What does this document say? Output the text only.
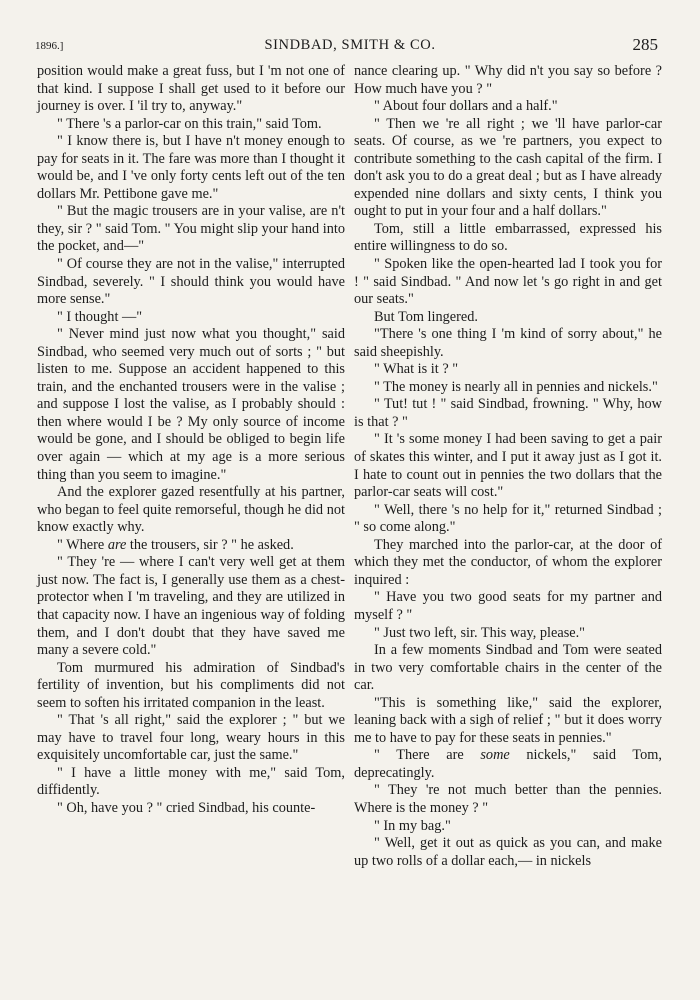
1896.]	SINDBAD, SMITH & CO.	285

position would make a great fuss, but I 'm not one of that kind. I suppose I shall get used to it before our journey is over. I 'il try to, anyway."

" There 's a parlor-car on this train," said Tom.

" I know there is, but I have n't money enough to pay for seats in it. The fare was more than I thought it would be, and I 've only forty cents left out of the ten dollars Mr. Pettibone gave me."

" But the magic trousers are in your valise, are n't they, sir ? " said Tom. " You might slip your hand into the pocket, and—"

" Of course they are not in the valise," interrupted Sindbad, severely. " I should think you would have more sense."

" I thought —"

" Never mind just now what you thought," said Sindbad, who seemed very much out of sorts ; " but listen to me. Suppose an accident happened to this train, and the enchanted trousers were in the valise ; and suppose I lost the valise, as I probably should : then where would I be ? My only source of income would be gone, and I should be obliged to begin life over again — which at my age is a more serious thing than you seem to imagine."

And the explorer gazed resentfully at his partner, who began to feel quite remorseful, though he did not know exactly why.

" Where are the trousers, sir ? " he asked.

" They 're — where I can't very well get at them just now. The fact is, I generally use them as a chest-protector when I 'm traveling, and they are utilized in that capacity now. I have an ingenious way of folding them, and I don't doubt that they have saved me many a severe cold."

Tom murmured his admiration of Sindbad's fertility of invention, but his compliments did not seem to soften his irritated companion in the least.

" That 's all right," said the explorer ; " but we may have to travel four long, weary hours in this exquisitely uncomfortable car, just the same."

" I have a little money with me," said Tom, diffidently.

" Oh, have you ? " cried Sindbad, his counte-

nance clearing up. " Why did n't you say so before ? How much have you ? "

" About four dollars and a half."

" Then we 're all right ; we 'll have parlor-car seats. Of course, as we 're partners, you expect to contribute something to the cash capital of the firm. I don't ask you to do a great deal ; but as I have already expended nine dollars and sixty cents, I think you ought to put in your four and a half dollars."

Tom, still a little embarrassed, expressed his entire willingness to do so.

" Spoken like the open-hearted lad I took you for ! " said Sindbad. " And now let 's go right in and get our seats."

But Tom lingered.

"There 's one thing I 'm kind of sorry about," he said sheepishly.

" What is it ? "

" The money is nearly all in pennies and nickels."

" Tut! tut ! " said Sindbad, frowning. " Why, how is that ? "

" It 's some money I had been saving to get a pair of skates this winter, and I put it away just as I got it. I hate to count out in pennies the two dollars that the parlor-car seats will cost."

" Well, there 's no help for it," returned Sindbad ; " so come along."

They marched into the parlor-car, at the door of which they met the conductor, of whom the explorer inquired :

" Have you two good seats for my partner and myself ? "

" Just two left, sir. This way, please."

In a few moments Sindbad and Tom were seated in two very comfortable chairs in the center of the car.

"This is something like," said the explorer, leaning back with a sigh of relief ; " but it does worry me to have to pay for these seats in pennies."

" There are some nickels," said Tom, deprecatingly.

" They 're not much better than the pennies. Where is the money ? "

" In my bag."

" Well, get it out as quick as you can, and make up two rolls of a dollar each,— in nickels
